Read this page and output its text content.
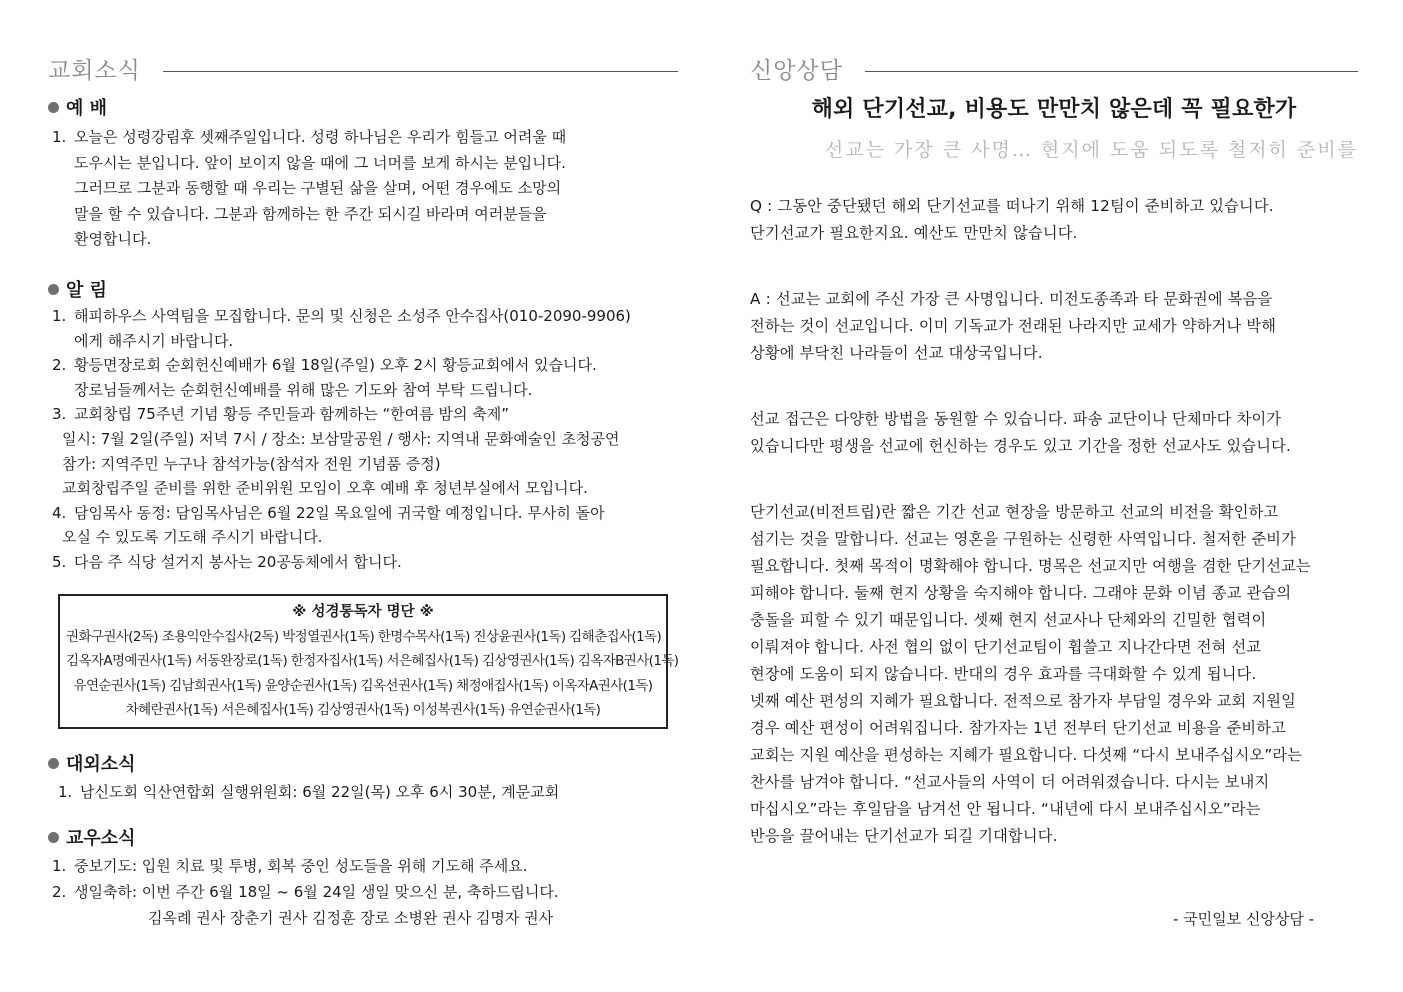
교회소식
예 배
1. 오늘은 성령강림후 셋째주일입니다. 성령 하나님은 우리가 힘들고 어려울 때
도우시는 분입니다. 앞이 보이지 않을 때에 그 너머를 보게 하시는 분입니다.
그러므로 그분과 동행할 때 우리는 구별된 삶을 살며, 어떤 경우에도 소망의
말을 할 수 있습니다. 그분과 함께하는 한 주간 되시길 바라며 여러분들을
환영합니다.
알 림
1. 해피하우스 사역팀을 모집합니다. 문의 및 신청은 소성주 안수집사(010-2090-9906)
에게 해주시기 바랍니다.
2. 황등면장로회 순회헌신예배가 6월 18일(주일) 오후 2시 황등교회에서 있습니다.
장로님들께서는 순회헌신예배를 위해 많은 기도와 참여 부탁 드립니다.
3. 교회창립 75주년 기념 황등 주민들과 함께하는 “한여름 밤의 축제”
일시: 7월 2일(주일) 저녁 7시 / 장소: 보삼말공원 / 행사: 지역내 문화예술인 초청공연
참가: 지역주민 누구나 참석가능(참석자 전원 기념품 증정)
교회창립주일 준비를 위한 준비위원 모임이 오후 예배 후 청년부실에서 모입니다.
4. 담임목사 동정: 담임목사님은 6월 22일 목요일에 귀국할 예정입니다. 무사히 돌아
오실 수 있도록 기도해 주시기 바랍니다.
5. 다음 주 식당 설거지 봉사는 20공동체에서 합니다.
※ 성경통독자 명단 ※
권화구권사(2독) 조용익안수집사(2독) 박정열권사(1독) 한명수목사(1독) 진상윤권사(1독) 김해춘집사(1독)
김옥자A명예권사(1독) 서동완장로(1독) 한정자집사(1독) 서은혜집사(1독) 김상영권사(1독) 김옥자B권사(1독)
유연순권사(1독) 김남희권사(1독) 윤양순권사(1독) 김옥선권사(1독) 채정애집사(1독) 이옥자A권사(1독)
차혜란권사(1독) 서은혜집사(1독) 김상영권사(1독) 이성복권사(1독) 유연순권사(1독)
대외소식
1. 남신도회 익산연합회 실행위원회: 6월 22일(목) 오후 6시 30분, 계문교회
교우소식
1. 중보기도: 입원 치료 및 투병, 회복 중인 성도들을 위해 기도해 주세요.
2. 생일축하: 이번 주간 6월 18일 ~ 6월 24일 생일 맞으신 분, 축하드립니다.
김옥례 권사 장춘기 권사 김정훈 장로 소병완 권사 김명자 권사
신앙상담
해외 단기선교, 비용도 만만치 않은데 꼭 필요한가
선교는 가장 큰 사명… 현지에 도움 되도록 철저히 준비를
Q : 그동안 중단됐던 해외 단기선교를 떠나기 위해 12팀이 준비하고 있습니다.
단기선교가 필요한지요. 예산도 만만치 않습니다.
A : 선교는 교회에 주신 가장 큰 사명입니다. 미전도종족과 타 문화권에 복음을
전하는 것이 선교입니다. 이미 기독교가 전래된 나라지만 교세가 약하거나 박해
상황에 부닥친 나라들이 선교 대상국입니다.
선교 접근은 다양한 방법을 동원할 수 있습니다. 파송 교단이나 단체마다 차이가
있습니다만 평생을 선교에 헌신하는 경우도 있고 기간을 정한 선교사도 있습니다.
단기선교(비전트립)란 짧은 기간 선교 현장을 방문하고 선교의 비전을 확인하고
섬기는 것을 말합니다. 선교는 영혼을 구원하는 신령한 사역입니다. 철저한 준비가
필요합니다. 첫째 목적이 명확해야 합니다. 명목은 선교지만 여행을 겸한 단기선교는
피해야 합니다. 둘째 현지 상황을 숙지해야 합니다. 그래야 문화 이념 종교 관습의
충돌을 피할 수 있기 때문입니다. 셋째 현지 선교사나 단체와의 긴밀한 협력이
이뤄져야 합니다. 사전 협의 없이 단기선교팀이 휩쓸고 지나간다면 전혀 선교
현장에 도움이 되지 않습니다. 반대의 경우 효과를 극대화할 수 있게 됩니다.
넷째 예산 편성의 지혜가 필요합니다. 전적으로 참가자 부담일 경우와 교회 지원일
경우 예산 편성이 어려워집니다. 참가자는 1년 전부터 단기선교 비용을 준비하고
교회는 지원 예산을 편성하는 지혜가 필요합니다. 다섯째 “다시 보내주십시오”라는
찬사를 남겨야 합니다. “선교사들의 사역이 더 어려워졌습니다. 다시는 보내지
마십시오”라는 후일담을 남겨선 안 됩니다. “내년에 다시 보내주십시오”라는
반응을 끌어내는 단기선교가 되길 기대합니다.
- 국민일보 신앙상담 -
